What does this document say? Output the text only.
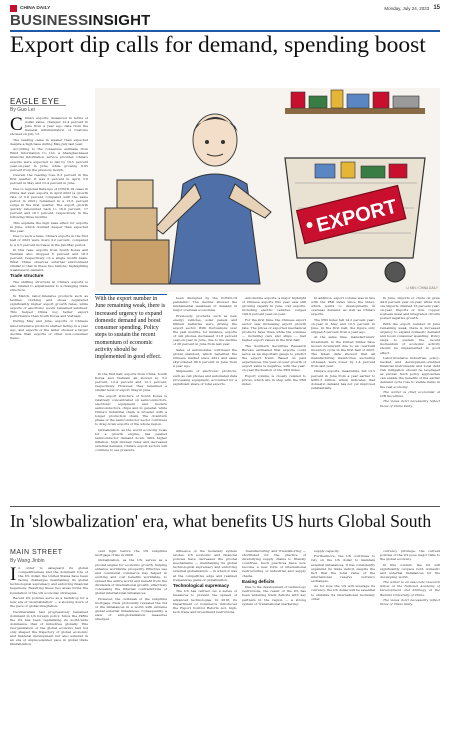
CHINA DAILY	Monday, July 24, 2023 15
BUSINESSINSIGHT
Export dip calls for demand, spending boost
EAGLE EYE
By Guo Lei

China's exports, measured in terms of dollar value, changed 12.4 percent in June from a year ago, data from the General Administration of Customs showed on July 13.

The reading came in weaker than expected despite a high base during May-July last year.

According to the consensus estimate from Wind Information Co Ltd, a Shanghai-based financial information service provider, China's exports were expected to fall by 10.5 percent year-on-year in June, while growing 0.05 percent from the previous month.

Overall, the reading rose 8.3 percent in the first quarter. It was 0 percent in April, 5.6 percent in May and 12.4 percent in June.

Due to regional flare-ups of COVID-19 cases in China last year, exports in April 2022 (a growth rate of 3.9 percent compared with the same period in 2021) remained in a 15.6 percent surge in the first quarter. The export growth quickly rebounded back to 16.9 percent, 17 percent and 18.1 percent, respectively, in the following three months.

This explains the high base effect for exports in June, which doubled deeper than expected this year.

Due to such a base, China's exports in the first half of 2023 were down 3.2 percent, compared to a 0.5 percent increase in the Jan-May period.

In this case, exports from South Korea and Vietnam also dropped 6 percent and 18.3 percent, respectively, on a single month basis. What China observes external environment similar to that in these two nations, highlighting weakness in demand.

Trade structure

The shifting structure in China's exports is also related to adjustments to a changing trade structure.

In March, labor-intensive products such as textiles, clothing and shoes registered significantly higher export growth rates, while exports of electronic goods remained subdued. This helped China log better export performance than South Korea and Vietnam.

During May and June, exports of Chinese labor-intensive products started fading in a year ago, and exports of the latter showed a larger decline than exports of other non-consumer items.

EXPORT
LI MIN / CHINA DAILY
With the export number in June remaining weak, there is increased urgency to expand domestic demand and boost consumer spending. Policy steps to sustain the recent momentum of economic activity should be implemented in good effect.

In the first half, exports from China, South Korea and Vietnam all slowed by 3.2 percent, 12.4 percent and 12.1 percent, respectively. However, they remained a similar level of export drag in June.

The export structure of South Korea is relatively concentrated on semiconductors, electronic equipment and modern semiconductors, chips and in general, while China's industrial chain is broader with a longer production chain. The downturn phase of the semiconductor sector continues to drag down exports of the whole region.

Globalization, as the world economy looks for a growth engine, has pushed semiconductor demand down. With higher inflation, high interest rates and decreased external demand, China's export sectors will continue to see pressure.

been disrupted by the COVID-19 pandemic. The decline showed the fundamental weakness of demand in major overseas economies.

Previously, products such as new energy vehicles, solar panels and lithium batteries were driving the export sector. With fluctuations over the past months, for instance, exports of cell phones decreased 21.8 percent year-on-year in June, due to the decline of 28 percent in June from last year.

Sales of automobiles continued the global standout, which benefited the Chinese market since 2021 and sales skyrocketed 98.5 percent in June from a year ago.

Shipments of electronic products, such as cell phones and automated data processing equipment, accounted for a significant share of total exports.

Automobile exports, a major highlight of Chinese exports this year, saw still growing rapidly in June. Car exports, including electric vehicles, surged 109.9 percent year-on-year.

For the first time, the Chinese export sector saw increasing export growth rate. The prices of exported mechanical products have risen while the volumes — including cars and ships — had higher export values in the first half.

The Southern Securities Research Bureau estimated that exports could serve as an important gauge to predict the export trend. Based on past experiences, the year-on-year growth of export value is negative, with the year-on-year fluctuation of the PMI index.

Export volume is closely related to prices, which are in step with the PMI index.

In addition, export volume was in line with the PMI index since the index, which points to developments in overseas demand, as well as China's exports.

The PMI index fell 14.2 percent year-on-year in May and 12.5 percent in June. In the first half, the figure only slipped 8 percent from a year ago.

At the same time, manufacturers' investment in the United States have moved downward due to an overbuilt inventory cycle in the first half of 2023. The latest data showed that all manufacturing inventories, excluding oil-based, were lower by 1.4 percent from last year.

China's exports, meanwhile, fell 13.5 percent in June from a year earlier to $285.3 billion, which indicates that domestic demand has not yet improved substantially.

In June, imports of crude oil grew 44.6 percent year-on-year, while iron ore imports climbed 16 percent year-on-year. Imports of iron, copper, soybean meal and integrated circuits posted negative growth.

With the export number in June remaining weak, there is increased urgency to expand domestic demand and boost consumer spending. Policy steps to sustain the recent momentum of economic activity should be implemented in good effect.

Labor-intensive industries, policy-backed and development-oriented financial instruments and local debt risk mitigation should be leveraged as pivotal. Such policy approaches can enable the benefits of the earlier demand cycle rose to visible items in the real economy.

The writer is chief economist at CIB Securities.

The views don't necessarily reflect those of China Daily.

In 'slowbalization' era, what benefits US hurts Global South
MAIN STREET
By Wang Jinbin

In order to safeguard its global competitiveness and the dominant role of the US dollar, the United States have been facing challenges maintaining its global technological supremacy and enforcing financial hegemony. Resetting these two areas forms the foundation of the US economic strategies.

Recent US policies serve as a backdrop for a new era of 'slowbalization' — a slowing down of the pace of global integration.

Neoliberalism had progressively remained dominant in US foreign policy. Since the 1980s the US has been capitalizing its world-wide dominance that of industries globally. This reorganization of the global economy had not only shaped the trajectory of global economic and financial development but also ushered in an era of unprecedented pace in global trade liberalization.

cent right before the US subprime mortgage crisis in 2008.

Globalization, as the US, serves as a pivotal engine for economic growth, helping enhance worldwide prosperity. Effective use and communal commerce has helped in exciting and cost benefits worldwide, to spread the entire world and benefit from the dividends of international growth, effectively concealing the internal contradictions of global international imbalances.

However, the outbreak of the subprime mortgage crisis profoundly revealed the 3/4 of the imbalances in a world with extreme global external imbalances. Consequently, a slew of anti-globalization measures emerged.

influence of the monetary system erodes. US economic and financial policies have decreased the pivotal mechanisms — maintaining its global technological supremacy and enforcing external globalization — in which it was at the competitive edge and realized tremendous gains of globalization.

Technological supremacy

The US has carried out a series of measures to prevent the spread of advanced technologies. In 2018, its Department of Commerce introduced the Export Control Reform Act, high-tech trade and investment restrictions.

'manufacturing' and 'friendshoring' — shortlisted for the practice of diversifying supply chains to friendly countries. Such practices have now become a new form of international restructuring of industrial and supply chains.

Easing deficits

Due to the development of technology restrictions, the result of the US has been widening trade deficits with key partners in the region — a strong system of 'transnational marketing'.

supply capacity.

Furthermore, the US continues to rely on the US dollar to maintain external imbalances. It has consistently expanded its trade deficit, despite the fact that the total value of the international reserve currency exchanges.

As for how the US will leverage its currency, the US dollar will be essential to stabilize its international monetary order.

currency privilege, the current policies of the US pose major risks to the global economy.

In this context, the US will significantly outpace both domestic and external imbalances for the developing world.

The writer is an associate research fellow at the National Academy of Development and Strategy at the Renmin University of China.

The views don't necessarily reflect those of China Daily.
